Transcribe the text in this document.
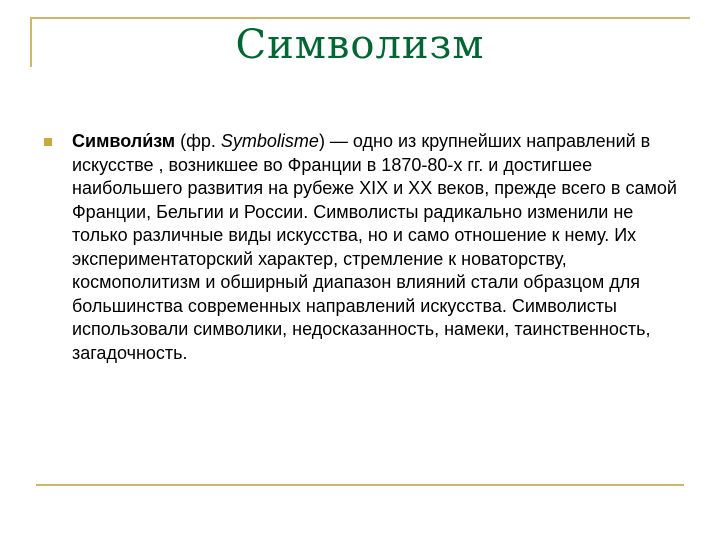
Символизм

Символи́зм (фр. Symbolisme) — одно из крупнейших направлений в искусстве , возникшее во Франции в 1870-80-х гг. и достигшее наибольшего развития на рубеже XIX и XX веков, прежде всего в самой Франции, Бельгии и России. Символисты радикально изменили не только различные виды искусства, но и само отношение к нему. Их экспериментаторский характер, стремление к новаторству, космополитизм и обширный диапазон влияний стали образцом для большинства современных направлений искусства. Символисты использовали символики, недосказанность, намеки, таинственность, загадочность.
